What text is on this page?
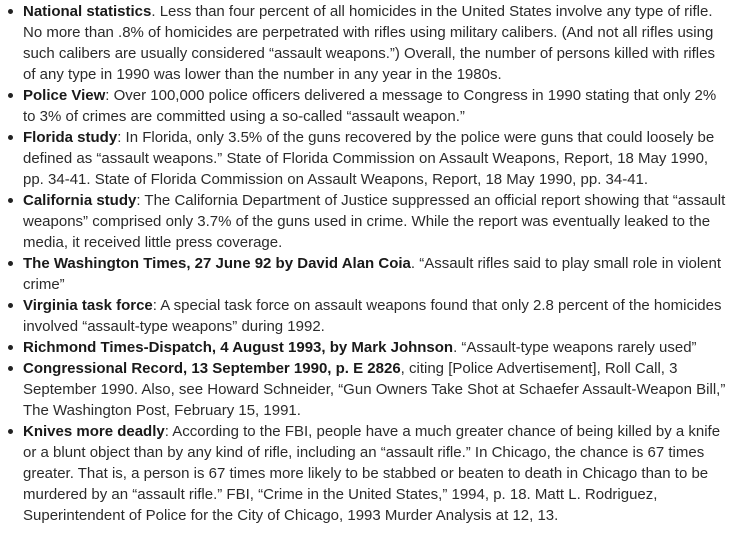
National statistics. Less than four percent of all homicides in the United States involve any type of rifle. No more than .8% of homicides are perpetrated with rifles using military calibers. (And not all rifles using such calibers are usually considered “assault weapons.”) Overall, the number of persons killed with rifles of any type in 1990 was lower than the number in any year in the 1980s.
Police View: Over 100,000 police officers delivered a message to Congress in 1990 stating that only 2% to 3% of crimes are committed using a so-called “assault weapon.”
Florida study: In Florida, only 3.5% of the guns recovered by the police were guns that could loosely be defined as “assault weapons.” State of Florida Commission on Assault Weapons, Report, 18 May 1990, pp. 34-41. State of Florida Commission on Assault Weapons, Report, 18 May 1990, pp. 34-41.
California study: The California Department of Justice suppressed an official report showing that “assault weapons” comprised only 3.7% of the guns used in crime. While the report was eventually leaked to the media, it received little press coverage.
The Washington Times, 27 June 92 by David Alan Coia. “Assault rifles said to play small role in violent crime”
Virginia task force: A special task force on assault weapons found that only 2.8 percent of the homicides involved “assault-type weapons” during 1992.
Richmond Times-Dispatch, 4 August 1993, by Mark Johnson. “Assault-type weapons rarely used”
Congressional Record, 13 September 1990, p. E 2826, citing [Police Advertisement], Roll Call, 3 September 1990. Also, see Howard Schneider, “Gun Owners Take Shot at Schaefer Assault-Weapon Bill,” The Washington Post, February 15, 1991.
Knives more deadly: According to the FBI, people have a much greater chance of being killed by a knife or a blunt object than by any kind of rifle, including an “assault rifle.” In Chicago, the chance is 67 times greater. That is, a person is 67 times more likely to be stabbed or beaten to death in Chicago than to be murdered by an “assault rifle.” FBI, “Crime in the United States,” 1994, p. 18. Matt L. Rodriguez, Superintendent of Police for the City of Chicago, 1993 Murder Analysis at 12, 13.
